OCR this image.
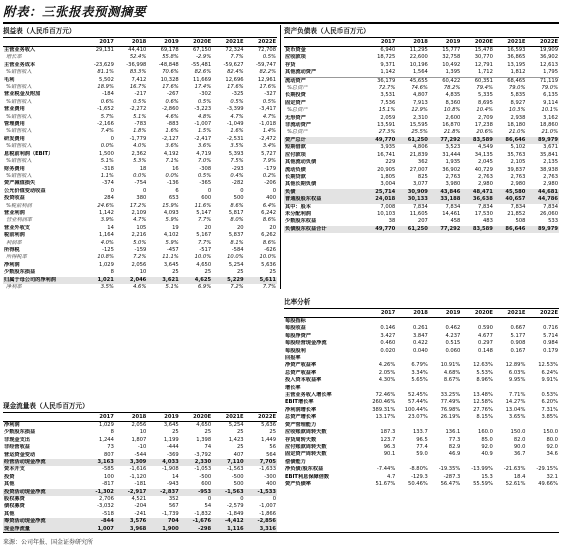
附表：三张报表预测摘要
损益表（人民币百万元）
	2017	2018	2019	2020E	2021E	2022E
主营业务收入	29,131	44,410	69,178	67,150	72,324	72,708
增长率		52.4%	55.8%	-2.9%	7.7%	0.5%
主营业务成本	-23,629	-36,998	-48,848	-55,481	-59,627	-59,747
%销售收入	81.1%	83.3%	70.6%	82.6%	82.4%	82.2%
毛利	5,502	7,412	10,328	11,669	12,696	12,961
%销售收入	18.9%	16.7%	17.6%	17.4%	17.6%	17.6%
营业税金及附加	-184	-217	-267	-302	-325	-327
%销售收入	0.6%	0.5%	0.6%	0.5%	0.5%	0.5%
营业费用	-1,652	-2,272	-2,860	-3,223	-3,399	-3,417
%销售收入	5.7%	5.1%	4.6%	4.8%	4.7%	4.7%
管理费用	-2,166	-783	-883	-1,007	-1,049	-1,018
%销售收入	7.4%	1.8%	1.6%	1.5%	1.6%	1.4%
研发费用	0	-1,779	-2,127	-2,417	-2,531	-2,472
%销售收入	0.0%	4.0%	3.6%	3.6%	3.5%	3.4%
息税前利润（EBIT）	1,500	2,362	4,192	4,719	5,393	5,727
%销售收入	5.1%	5.3%	7.1%	7.0%	7.5%	7.9%
财务费用	-318	18	16	-308	-293	-179
%销售收入	1.1%	0.0%	0.0%	0.5%	0.4%	0.2%
资产减值损失	-374	-754	-136	-365	-282	-206
公允价值变动收益	0	0	6	0	0	0
投资收益	284	380	653	600	500	400
%税前利润	24.6%	17.2%	15.9%	11.6%	8.6%	6.4%
营业利润	1,142	2,109	4,093	5,147	5,817	6,242
营业利润率	3.9%	4.7%	5.9%	7.7%	8.0%	8.6%
营业外收支	14	105	19	20	20	20
税前利润	1,164	2,216	4,102	5,167	5,837	6,262
利润率	4.0%	5.0%	5.9%	7.7%	8.1%	8.6%
所得税	-125	-159	-457	-517	-584	-626
所得税率	10.8%	7.2%	11.1%	10.0%	10.0%	10.0%
净利润	1,029	2,056	3,645	4,650	5,254	5,636
少数股东损益	8	10	25	25	25	25
归属于母公司的净利润	1,021	2,046	3,621	4,625	5,229	5,611
净利率	3.5%	4.6%	5.1%	6.9%	7.2%	7.7%
资产负债表（人民币百万元）
	2017	2018	2019	2020E	2021E	2022E
货币资金	6,940	11,295	15,777	15,478	16,593	19,909
应收款项	18,725	22,600	32,758	30,770	36,865	36,902
存货	9,371	10,196	10,492	12,791	13,195	12,613
其他流动资产	1,142	1,564	1,395	1,712	1,812	1,795
流动资产	36,179	45,655	60,422	60,351	68,465	71,119
%总资产	72.7%	74.6%	78.2%	79.4%	79.0%	79.0%
长期投资	3,531	4,807	4,835	5,335	5,835	6,135
固定资产	7,536	7,913	8,360	8,695	8,927	9,114
%总资产	15.1%	12.9%	10.8%	10.4%	10.3%	10.1%
无形资产	2,059	2,310	2,600	2,709	2,938	3,162
非流动资产	13,591	15,595	16,870	17,238	18,180	18,860
%总资产	27.3%	25.5%	21.8%	20.6%	21.0%	21.0%
资产总计	49,770	61,250	77,292	83,589	86,646	89,979
短期借款	3,935	4,806	3,523	4,549	5,102	3,671
应付款项	16,741	21,839	31,444	34,135	35,763	35,841
其他流动负债	229	362	1,935	2,045	2,105	2,135
流动负债	20,905	27,007	36,902	40,729	39,837	38,938
长期贷款	1,805	825	2,763	2,763	2,763	2,763
其他长期负债	3,004	3,077	3,980	2,980	2,980	2,980
负债	25,714	30,909	43,846	48,471	45,580	44,681
普通股股东权益	24,018	30,133	33,188	36,638	40,657	44,786
其中：股本	7,008	7,834	7,834	7,834	7,834	7,834
未分配利润	10,103	11,605	14,461	17,530	21,852	26,060
少数股东权益	38	207	458	483	508	533
负债股东权益合计	49,770	61,250	77,292	83,589	86,646	89,979
比率分析
	2017	2018	2019	2020E	2021E	2022E
每股指标						
每股收益	0.146	0.261	0.462	0.590	0.667	0.716
每股净资产	3.427	3.847	4.237	4.677	5.177	5.714
每股经营现金净流	0.460	0.422	0.515	0.297	0.908	0.984
每股股利	0.020	0.040	0.060	0.148	0.167	0.179
回报率						
净资产收益率	4.26%	6.79%	10.91%	12.63%	12.89%	12.53%
总资产收益率	2.05%	3.34%	4.68%	5.53%	6.03%	6.24%
投入资本收益率	4.30%	5.65%	8.67%	8.96%	9.95%	9.91%
增长率						
主营业务收入增长率	72.46%	52.45%	33.25%	13.48%	7.71%	0.53%
EBIT增长率	260.46%	57.44%	77.49%	12.58%	14.27%	6.20%
净利润增长率	389.31%	100.44%	76.98%	27.76%	13.04%	7.31%
总资产增长率	13.17%	23.07%	26.19%	8.15%	3.65%	3.85%
资产管理能力						
应收账款周转天数	187.3	133.7	136.1	160.0	150.0	150.0
存货周转天数	123.7	96.5	77.3	85.0	82.0	80.0
应付账款周转天数	96.3	77.4	82.9	92.0	90.0	92.0
固定资产周转天数	90.1	59.0	46.9	40.9	36.7	34.6
偿债能力						
净负债/股东权益	-7.44%	-8.80%	-19.35%	-13.99%	-21.63%	-29.15%
EBIT利息保障倍数	4.7	-129.3	-287.3	15.3	18.4	32.1
资产负债率	51.67%	50.46%	56.47%	55.59%	52.61%	49.66%
现金流量表（人民币百万元）
	2017	2018	2019	2020E	2021E	2022E
净利润	1,029	2,056	3,645	4,650	5,254	5,636
少数股东损益	8	10	25	25	25	25
非现金支出	1,244	1,807	1,199	1,398	1,423	1,449
非经营收益	73	-10	-444	74	25	56
营运资金变动	807	-544	-369	-3,792	407	564
经营活动现金净流	3,163	3,309	4,033	2,330	7,110	7,705
资本开支	-585	-1,616	-1,908	-1,053	-1,563	-1,633
投资	100	-1,120	14	-500	-500	-300
其他	-817	-181	-943	600	500	400
投资活动现金净流	-1,302	-2,917	-2,837	-953	-1,563	-1,533
股权募资	2,706	4,521	352	0	0	0
债权募资	-3,032	-204	567	54	-2,579	-1,007
其他	-518	-241	-1,739	-1,832	-1,849	-1,866
筹资活动现金净流	-844	3,576	704	-1,676	-4,412	-2,856
现金净流量	1,007	3,968	1,900	-298	1,116	3,316
来源：公司年报、国金证券研究所
